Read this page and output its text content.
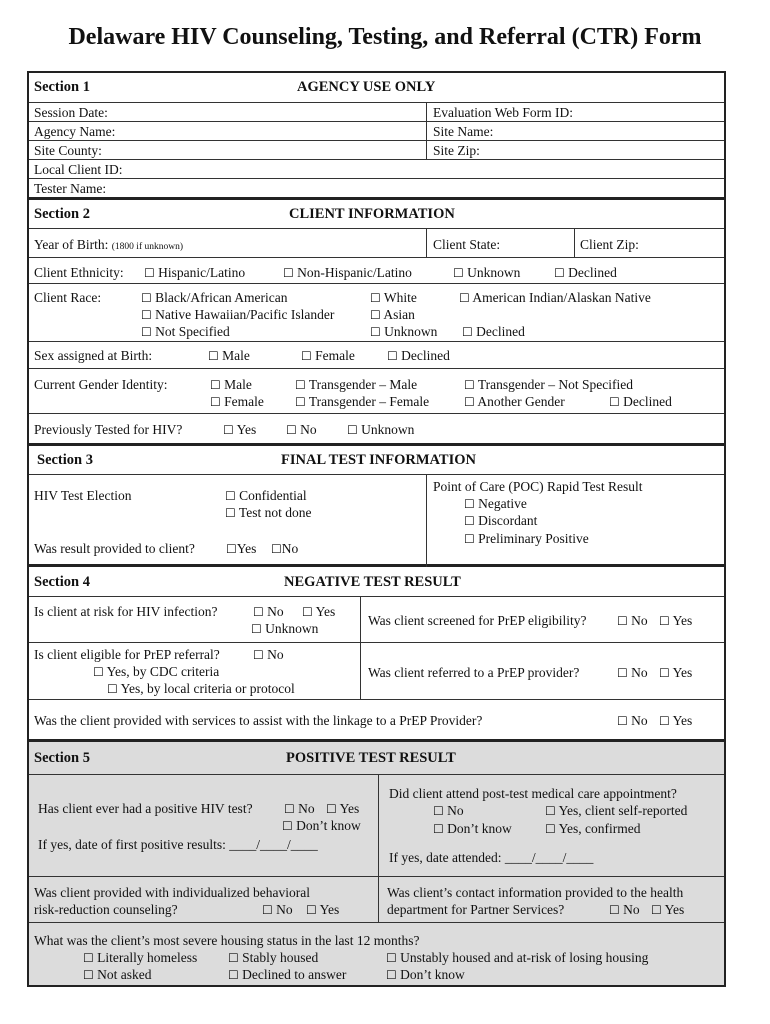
Delaware HIV Counseling, Testing, and Referral (CTR) Form
Section 1	AGENCY USE ONLY
Session Date:	Evaluation Web Form ID:
Agency Name:	Site Name:
Site County:	Site Zip:
Local Client ID:
Tester Name:
Section 2	CLIENT INFORMATION
Year of Birth: (1800 if unknown)	Client State:	Client Zip:
Client Ethnicity: ☐ Hispanic/Latino	☐ Non-Hispanic/Latino	☐ Unknown	☐ Declined
Client Race:	☐ Black/African American	☐ White	☐ American Indian/Alaskan Native
☐ Native Hawaiian/Pacific Islander	☐ Asian
☐ Not Specified	☐ Unknown ☐ Declined
Sex assigned at Birth:	☐ Male	☐ Female	☐ Declined
Current Gender Identity:	☐ Male	☐ Transgender – Male	☐ Transgender – Not Specified
☐ Female	☐ Transgender – Female	☐ Another Gender	☐ Declined
Previously Tested for HIV?	☐ Yes ☐ No	☐ Unknown
Section 3	FINAL TEST INFORMATION
HIV Test Election	☐ Confidential
☐ Test not done
Was result provided to client?	☐Yes ☐No
Point of Care (POC) Rapid Test Result
☐ Negative
☐ Discordant
☐ Preliminary Positive
Section 4	NEGATIVE TEST RESULT
Is client at risk for HIV infection?	☐ No ☐ Yes
☐ Unknown
Was client screened for PrEP eligibility?	☐ No ☐ Yes
Is client eligible for PrEP referral?	☐ No
☐ Yes, by CDC criteria
☐ Yes, by local criteria or protocol
Was client referred to a PrEP provider?	☐ No ☐ Yes
Was the client provided with services to assist with the linkage to a PrEP Provider?	☐ No ☐ Yes
Section 5	POSITIVE TEST RESULT
Has client ever had a positive HIV test?	☐ No ☐ Yes
☐ Don’t know
If yes, date of first positive results: ____/____/____
Did client attend post-test medical care appointment?
☐ No	☐ Yes, client self-reported
☐ Don’t know	☐ Yes, confirmed
If yes, date attended: ____/____/____
Was client provided with individualized behavioral
risk-reduction counseling?	☐ No ☐ Yes
Was client’s contact information provided to the health
department for Partner Services?	☐ No ☐ Yes
What was the client’s most severe housing status in the last 12 months?
☐ Literally homeless	☐ Stably housed	☐ Unstably housed and at-risk of losing housing
☐ Not asked	☐ Declined to answer	☐ Don’t know
